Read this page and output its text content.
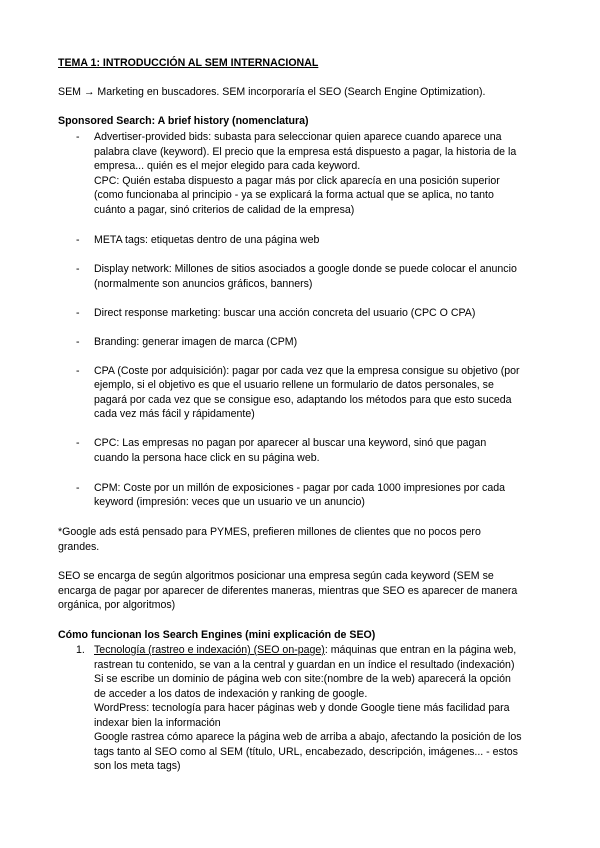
TEMA 1: INTRODUCCIÓN AL SEM INTERNACIONAL
SEM → Marketing en buscadores. SEM incorporaría el SEO (Search Engine Optimization).
Sponsored Search: A brief history (nomenclatura)
- Advertiser-provided bids: subasta para seleccionar quien aparece cuando aparece una
palabra clave (keyword). El precio que la empresa está dispuesto a pagar, la historia de la
empresa... quién es el mejor elegido para cada keyword.
CPC: Quién estaba dispuesto a pagar más por click aparecía en una posición superior
(como funcionaba al principio - ya se explicará la forma actual que se aplica, no tanto
cuánto a pagar, sinó criterios de calidad de la empresa)
- META tags: etiquetas dentro de una página web
- Display network: Millones de sitios asociados a google donde se puede colocar el anuncio
(normalmente son anuncios gráficos, banners)
- Direct response marketing: buscar una acción concreta del usuario (CPC O CPA)
- Branding: generar imagen de marca (CPM)
- CPA (Coste por adquisición): pagar por cada vez que la empresa consigue su objetivo (por
ejemplo, si el objetivo es que el usuario rellene un formulario de datos personales, se
pagará por cada vez que se consigue eso, adaptando los métodos para que esto suceda
cada vez más fácil y rápidamente)
- CPC: Las empresas no pagan por aparecer al buscar una keyword, sinó que pagan
cuando la persona hace click en su página web.
- CPM: Coste por un millón de exposiciones - pagar por cada 1000 impresiones por cada
keyword (impresión: veces que un usuario ve un anuncio)
*Google ads está pensado para PYMES, prefieren millones de clientes que no pocos pero
grandes.
SEO se encarga de según algoritmos posicionar una empresa según cada keyword (SEM se
encarga de pagar por aparecer de diferentes maneras, mientras que SEO es aparecer de manera
orgánica, por algoritmos)
Cómo funcionan los Search Engines (mini explicación de SEO)
1. Tecnología (rastreo e indexación) (SEO on-page): máquinas que entran en la página web,
rastrean tu contenido, se van a la central y guardan en un índice el resultado (indexación)
Si se escribe un dominio de página web con site:(nombre de la web) aparecerá la opción
de acceder a los datos de indexación y ranking de google.
WordPress: tecnología para hacer páginas web y donde Google tiene más facilidad para
indexar bien la información
Google rastrea cómo aparece la página web de arriba a abajo, afectando la posición de los
tags tanto al SEO como al SEM (título, URL, encabezado, descripción, imágenes... - estos
son los meta tags)
